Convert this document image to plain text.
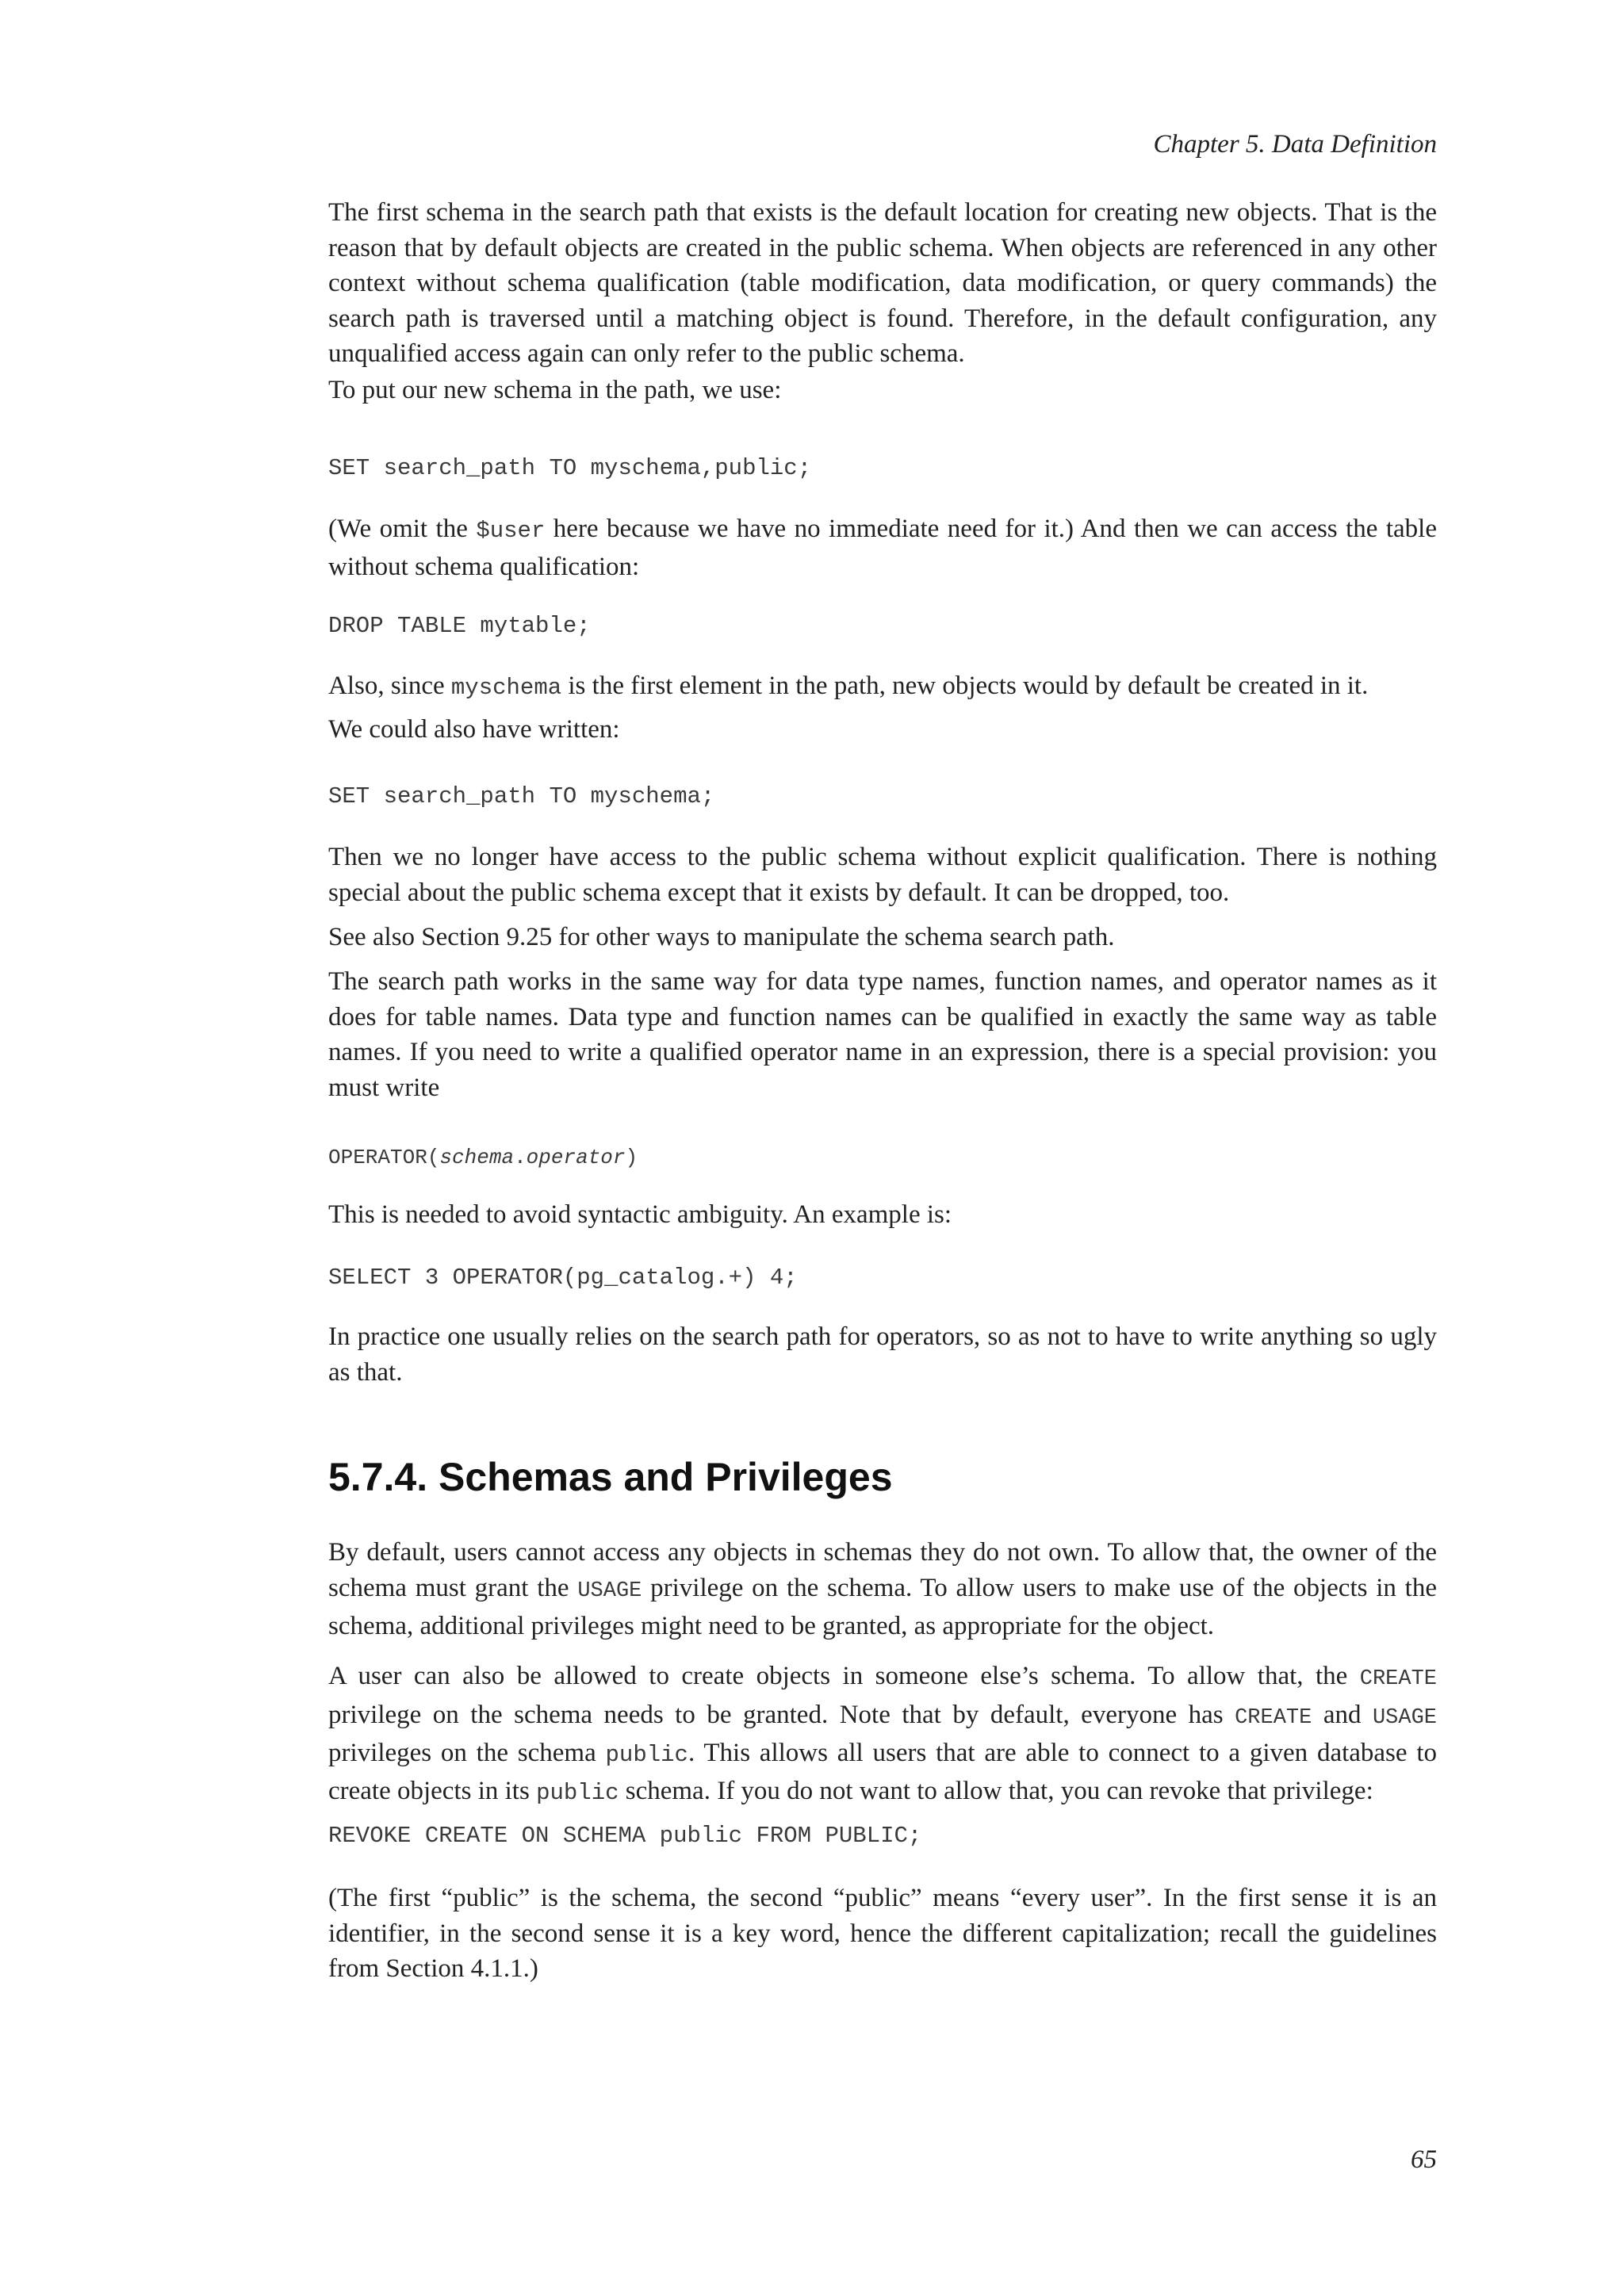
Chapter 5. Data Definition

The first schema in the search path that exists is the default location for creating new objects. That is the reason that by default objects are created in the public schema. When objects are referenced in any other context without schema qualification (table modification, data modification, or query commands) the search path is traversed until a matching object is found. Therefore, in the default configuration, any unqualified access again can only refer to the public schema.

To put our new schema in the path, we use:

SET search_path TO myschema,public;

(We omit the $user here because we have no immediate need for it.) And then we can access the table without schema qualification:

DROP TABLE mytable;

Also, since myschema is the first element in the path, new objects would by default be created in it.

We could also have written:

SET search_path TO myschema;

Then we no longer have access to the public schema without explicit qualification. There is nothing special about the public schema except that it exists by default. It can be dropped, too.

See also Section 9.25 for other ways to manipulate the schema search path.

The search path works in the same way for data type names, function names, and operator names as it does for table names. Data type and function names can be qualified in exactly the same way as table names. If you need to write a qualified operator name in an expression, there is a special provision: you must write

OPERATOR(schema.operator)

This is needed to avoid syntactic ambiguity. An example is:

SELECT 3 OPERATOR(pg_catalog.+) 4;

In practice one usually relies on the search path for operators, so as not to have to write anything so ugly as that.

5.7.4. Schemas and Privileges

By default, users cannot access any objects in schemas they do not own. To allow that, the owner of the schema must grant the USAGE privilege on the schema. To allow users to make use of the objects in the schema, additional privileges might need to be granted, as appropriate for the object.

A user can also be allowed to create objects in someone else’s schema. To allow that, the CREATE privilege on the schema needs to be granted. Note that by default, everyone has CREATE and USAGE privileges on the schema public. This allows all users that are able to connect to a given database to create objects in its public schema. If you do not want to allow that, you can revoke that privilege:

REVOKE CREATE ON SCHEMA public FROM PUBLIC;

(The first “public” is the schema, the second “public” means “every user”. In the first sense it is an identifier, in the second sense it is a key word, hence the different capitalization; recall the guidelines from Section 4.1.1.)

65
